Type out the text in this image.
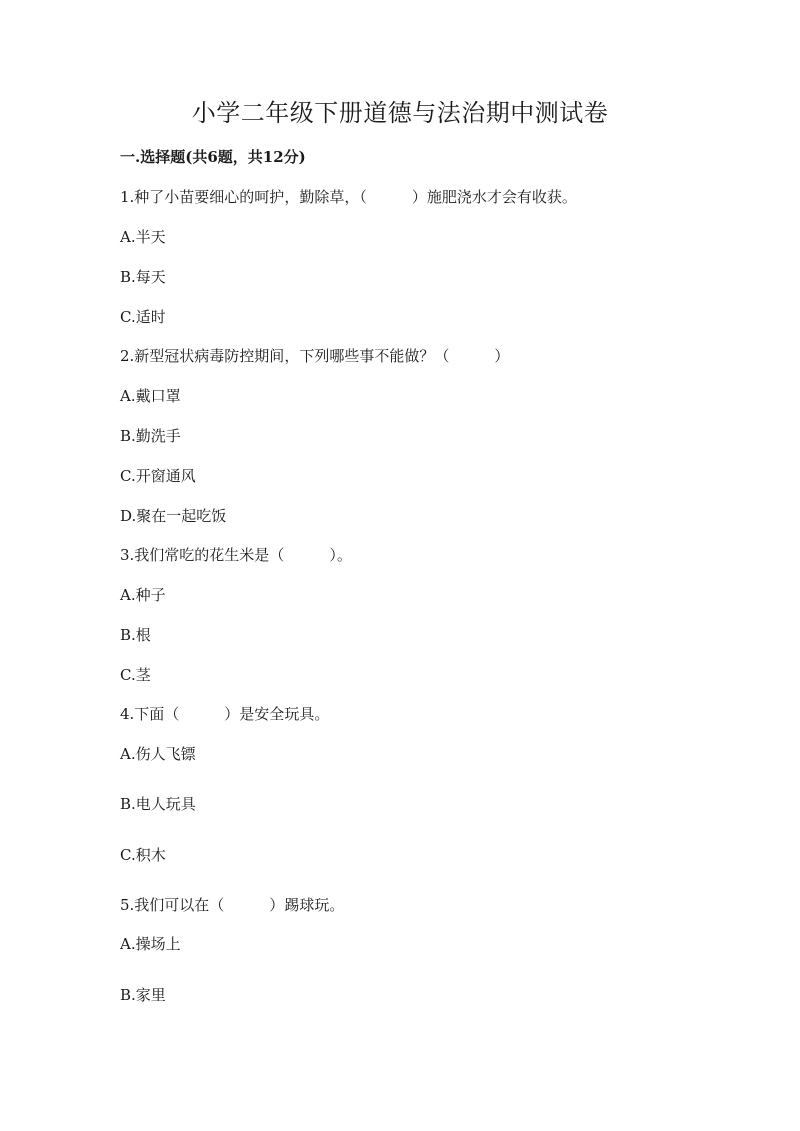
小学二年级下册道德与法治期中测试卷
一.选择题(共6题，共12分)
1.种了小苗要细心的呵护，勤除草，（　　　）施肥浇水才会有收获。
A.半天
B.每天
C.适时
2.新型冠状病毒防控期间，下列哪些事不能做？（　　　）
A.戴口罩
B.勤洗手
C.开窗通风
D.聚在一起吃饭
3.我们常吃的花生米是（　　　）。
A.种子
B.根
C.茎
4.下面（　　　）是安全玩具。
A.伤人飞镖
B.电人玩具
C.积木
5.我们可以在（　　　）踢球玩。
A.操场上
B.家里
